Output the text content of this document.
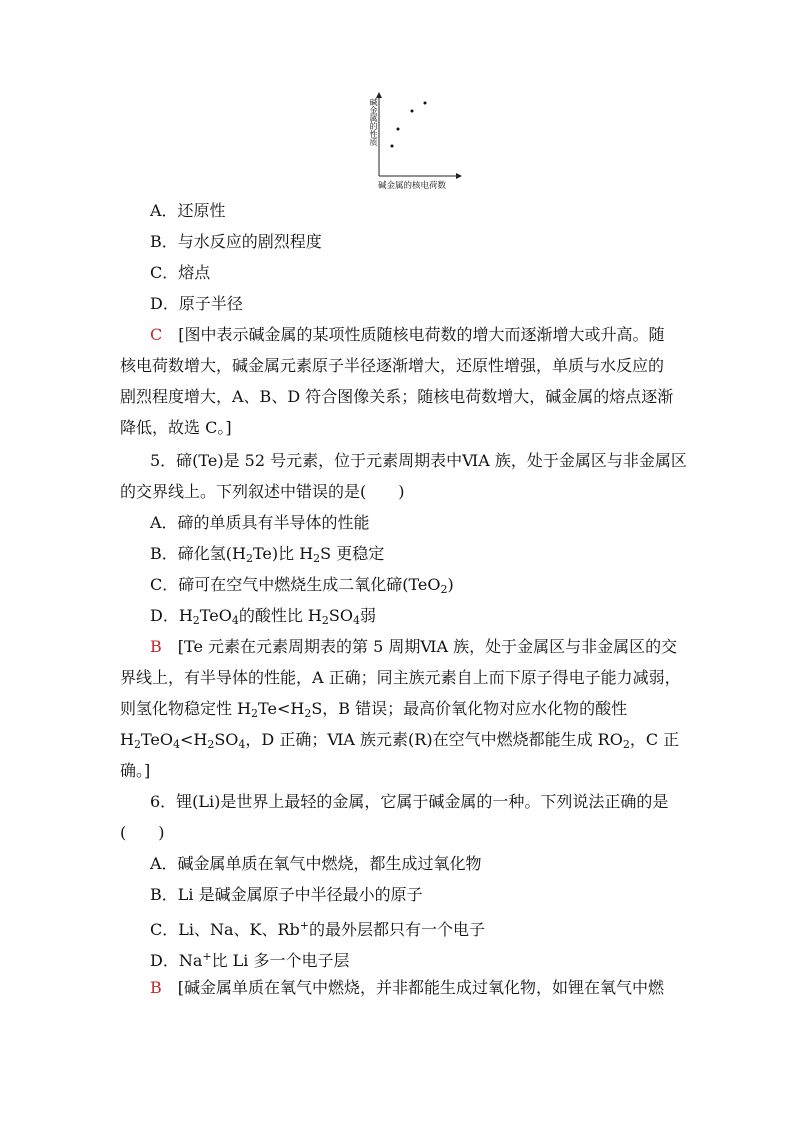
碱金属的性质
碱金属的核电荷数
A．还原性
B．与水反应的剧烈程度
C．熔点
D．原子半径
C [图中表示碱金属的某项性质随核电荷数的增大而逐渐增大或升高。随
核电荷数增大，碱金属元素原子半径逐渐增大，还原性增强，单质与水反应的
剧烈程度增大，A、B、D 符合图像关系；随核电荷数增大，碱金属的熔点逐渐
降低，故选 C。]
5．碲(Te)是 52 号元素，位于元素周期表中ⅥA 族，处于金属区与非金属区
的交界线上。下列叙述中错误的是(　　)
A．碲的单质具有半导体的性能
B．碲化氢$(H_2Te)$比 $H_2S$ 更稳定
C．碲可在空气中燃烧生成二氧化碲(TeO$_2$)
D．$H_2TeO_4$的酸性比 $H_2SO_4$弱
B [Te 元素在元素周期表的第 5 周期ⅥA 族，处于金属区与非金属区的交
界线上，有半导体的性能，A 正确；同主族元素自上而下原子得电子能力减弱，
则氢化物稳定性 $H_2Te<H_2S$，B 错误；最高价氧化物对应水化物的酸性
$H_2TeO_4<H_2SO_4$，D 正确；ⅥA 族元素(R)在空气中燃烧都能生成 $RO_2$，C 正
确。]
6．锂(Li)是世界上最轻的金属，它属于碱金属的一种。下列说法正确的是
(　　)
A．碱金属单质在氧气中燃烧，都生成过氧化物
B．Li 是碱金属原子中半径最小的原子
C．Li、Na、K、Rb+的最外层都只有一个电子
D．Na+比 Li 多一个电子层
B [碱金属单质在氧气中燃烧，并非都能生成过氧化物，如锂在氧气中燃
